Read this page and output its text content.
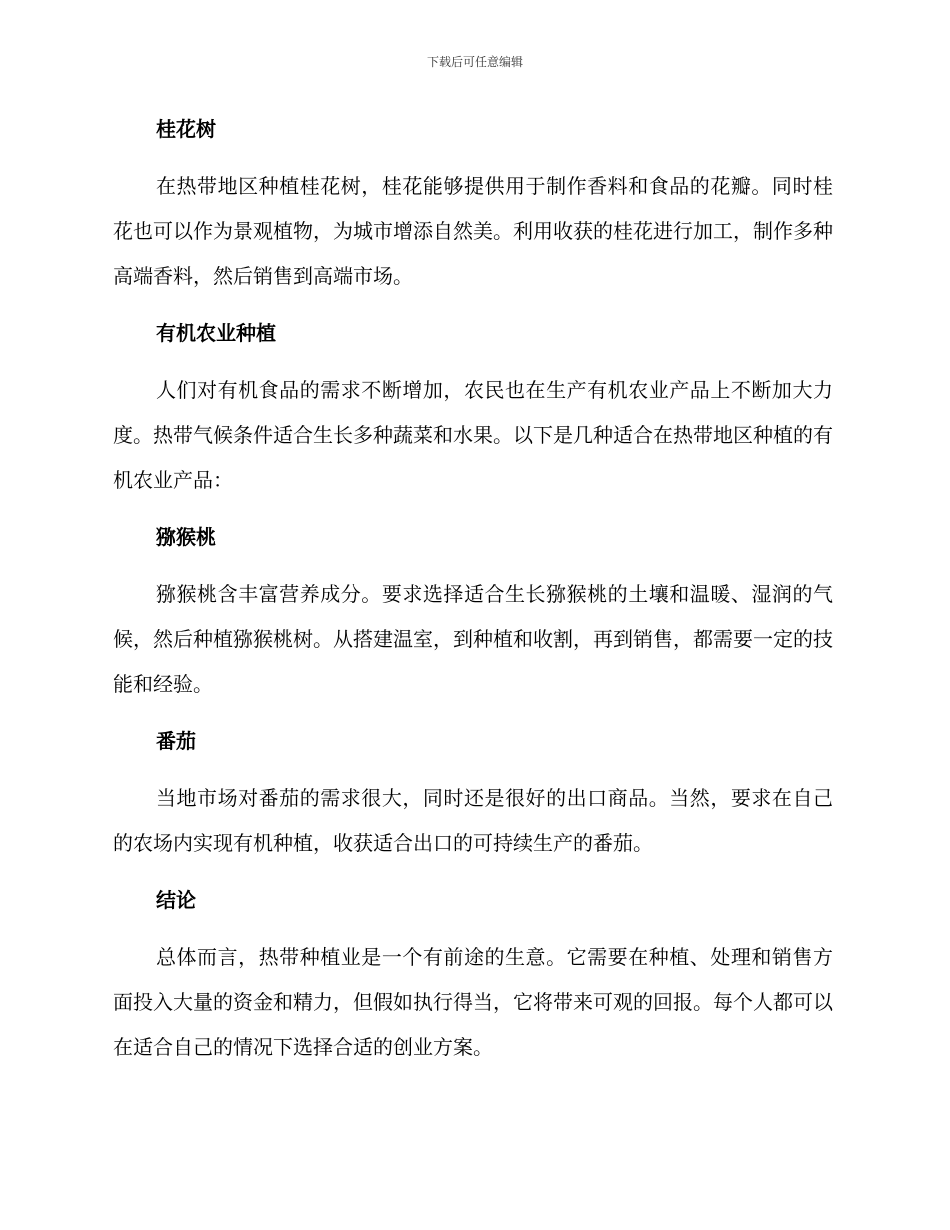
下载后可任意编辑
桂花树

在热带地区种植桂花树，桂花能够提供用于制作香料和食品的花瓣。同时桂花也可以作为景观植物，为城市增添自然美。利用收获的桂花进行加工，制作多种高端香料，然后销售到高端市场。

有机农业种植

人们对有机食品的需求不断增加，农民也在生产有机农业产品上不断加大力度。热带气候条件适合生长多种蔬菜和水果。以下是几种适合在热带地区种植的有机农业产品：

猕猴桃

猕猴桃含丰富营养成分。要求选择适合生长猕猴桃的土壤和温暖、湿润的气候，然后种植猕猴桃树。从搭建温室，到种植和收割，再到销售，都需要一定的技能和经验。

番茄

当地市场对番茄的需求很大，同时还是很好的出口商品。当然，要求在自己的农场内实现有机种植，收获适合出口的可持续生产的番茄。

结论

总体而言，热带种植业是一个有前途的生意。它需要在种植、处理和销售方面投入大量的资金和精力，但假如执行得当，它将带来可观的回报。每个人都可以在适合自己的情况下选择合适的创业方案。
